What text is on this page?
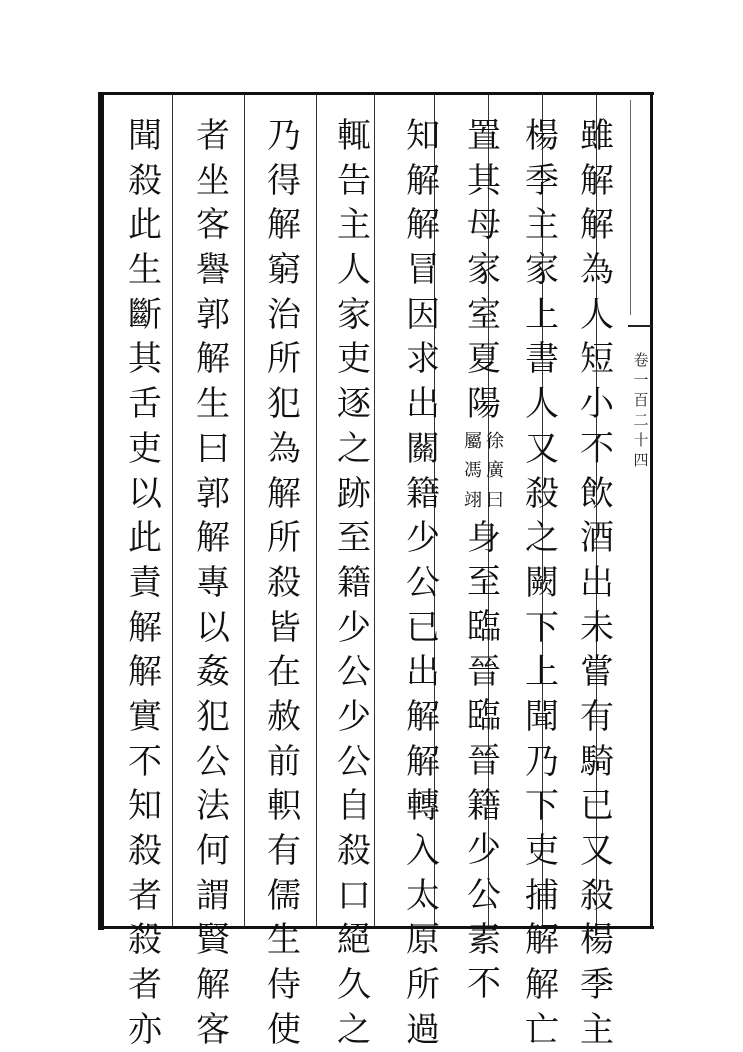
卷
一
百
二
十
四
雖
解
解
為
人
短
小
不
飲
酒
出
未
嘗
有
騎
已
又
殺
楊
季
主
楊
季
主
家
上
書
人
又
殺
之
闕
下
上
聞
乃
下
吏
捕
解
解
亡
置
其
母
家
室
夏
陽
徐
廣
曰
屬
馮
翊
身
至
臨
晉
臨
晉
籍
少
公
素
不
知
解
解
冒
因
求
出
關
籍
少
公
已
出
解
解
轉
入
太
原
所
過
輒
告
主
人
家
吏
逐
之
跡
至
籍
少
公
少
公
自
殺
口
絕
久
之
乃
得
解
窮
治
所
犯
為
解
所
殺
皆
在
赦
前
軹
有
儒
生
侍
使
者
坐
客
譽
郭
解
生
曰
郭
解
專
以
姦
犯
公
法
何
謂
賢
解
客
聞
殺
此
生
斷
其
舌
吏
以
此
責
解
解
實
不
知
殺
者
殺
者
亦
